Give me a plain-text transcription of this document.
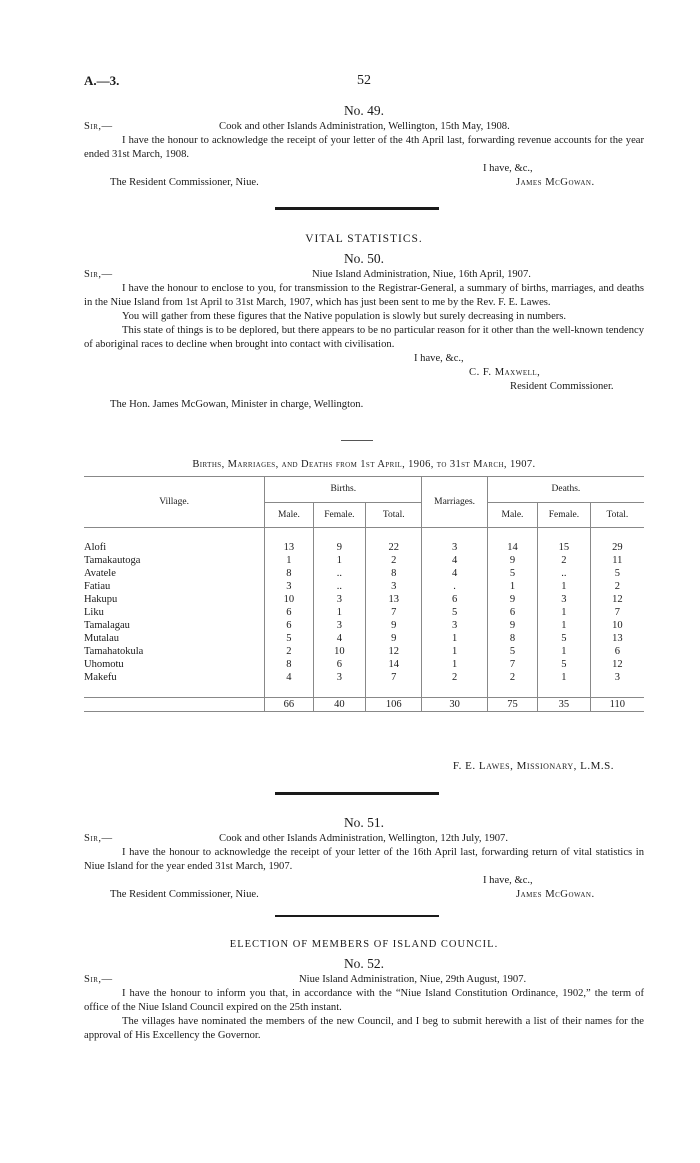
A.—3.	52

No. 49.

Sir,—	Cook and other Islands Administration, Wellington, 15th May, 1908.

I have the honour to acknowledge the receipt of your letter of the 4th April last, forwarding revenue accounts for the year ended 31st March, 1908.

I have, &c.,
The Resident Commissioner, Niue.	James McGowan.

VITAL STATISTICS.

No. 50.

Sir,—	Niue Island Administration, Niue, 16th April, 1907.

I have the honour to enclose to you, for transmission to the Registrar-General, a summary of births, marriages, and deaths in the Niue Island from 1st April to 31st March, 1907, which has just been sent to me by the Rev. F. E. Lawes.

You will gather from these figures that the Native population is slowly but surely decreasing in numbers.

This state of things is to be deplored, but there appears to be no particular reason for it other than the well-known tendency of aboriginal races to decline when brought into contact with civilisation.

I have, &c.,
C. F. Maxwell,
Resident Commissioner.
The Hon. James McGowan, Minister in charge, Wellington.
Births, Marriages, and Deaths from 1st April, 1906, to 31st March, 1907.
Village.	Births.			Marriages.	Deaths.		
	Male.	Female.	Total.		Male.	Female.	Total.

Alofi	13	9	22	3	14	15	29
Tamakautoga	1	1	2	4	9	2	11
Avatele	8	..	8	4	5	..	5
Fatiau	3	..	3	.	1	1	2
Hakupu	10	3	13	6	9	3	12
Liku	6	1	7	5	6	1	7
Tamalagau	6	3	9	3	9	1	10
Mutalau	5	4	9	1	8	5	13
Tamahatokula	2	10	12	1	5	1	6
Uhomotu	8	6	14	1	7	5	12
Makefu	4	3	7	2	2	1	3

	66	40	106	30	75	35	110
F. E. Lawes, Missionary, L.M.S.

No. 51.

Sir,—	Cook and other Islands Administration, Wellington, 12th July, 1907.

I have the honour to acknowledge the receipt of your letter of the 16th April last, forwarding return of vital statistics in Niue Island for the year ended 31st March, 1907.

I have, &c.,
The Resident Commissioner, Niue.	James McGowan.

ELECTION OF MEMBERS OF ISLAND COUNCIL.

No. 52.

Sir,—	Niue Island Administration, Niue, 29th August, 1907.

I have the honour to inform you that, in accordance with the “Niue Island Constitution Ordinance, 1902,” the term of office of the Niue Island Council expired on the 25th instant.

The villages have nominated the members of the new Council, and I beg to submit herewith a list of their names for the approval of His Excellency the Governor.
